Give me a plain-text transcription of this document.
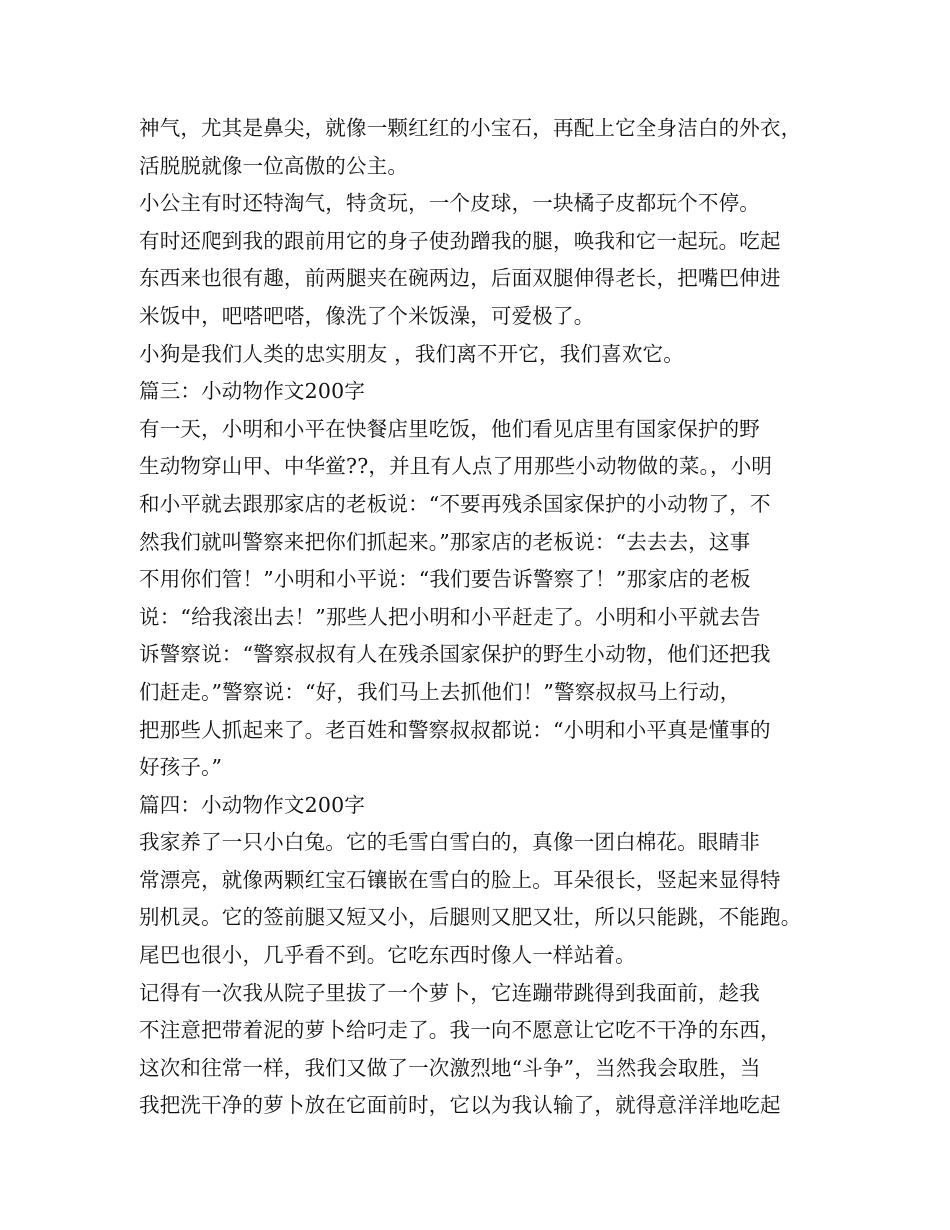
神气，尤其是鼻尖，就像一颗红红的小宝石，再配上它全身洁白的外衣，
活脱脱就像一位高傲的公主。
小公主有时还特淘气，特贪玩，一个皮球，一块橘子皮都玩个不停。
有时还爬到我的跟前用它的身子使劲蹭我的腿，唤我和它一起玩。吃起
东西来也很有趣，前两腿夹在碗两边，后面双腿伸得老长，把嘴巴伸进
米饭中，吧嗒吧嗒，像洗了个米饭澡，可爱极了。
小狗是我们人类的忠实朋友 ，我们离不开它，我们喜欢它。
篇三：小动物作文200字
有一天，小明和小平在快餐店里吃饭，他们看见店里有国家保护的野
生动物穿山甲、中华鲎??，并且有人点了用那些小动物做的菜。，小明
和小平就去跟那家店的老板说：“不要再残杀国家保护的小动物了，不
然我们就叫警察来把你们抓起来。”那家店的老板说：“去去去，这事
不用你们管！”小明和小平说：“我们要告诉警察了！”那家店的老板
说：“给我滚出去！”那些人把小明和小平赶走了。小明和小平就去告
诉警察说：“警察叔叔有人在残杀国家保护的野生小动物，他们还把我
们赶走。”警察说：“好，我们马上去抓他们！”警察叔叔马上行动，
把那些人抓起来了。老百姓和警察叔叔都说：“小明和小平真是懂事的
好孩子。”
篇四：小动物作文200字
我家养了一只小白兔。它的毛雪白雪白的，真像一团白棉花。眼睛非
常漂亮，就像两颗红宝石镶嵌在雪白的脸上。耳朵很长，竖起来显得特
别机灵。它的签前腿又短又小，后腿则又肥又壮，所以只能跳，不能跑。
尾巴也很小，几乎看不到。它吃东西时像人一样站着。
记得有一次我从院子里拔了一个萝卜，它连蹦带跳得到我面前，趁我
不注意把带着泥的萝卜给叼走了。我一向不愿意让它吃不干净的东西，
这次和往常一样，我们又做了一次激烈地“斗争”，当然我会取胜，当
我把洗干净的萝卜放在它面前时，它以为我认输了，就得意洋洋地吃起
